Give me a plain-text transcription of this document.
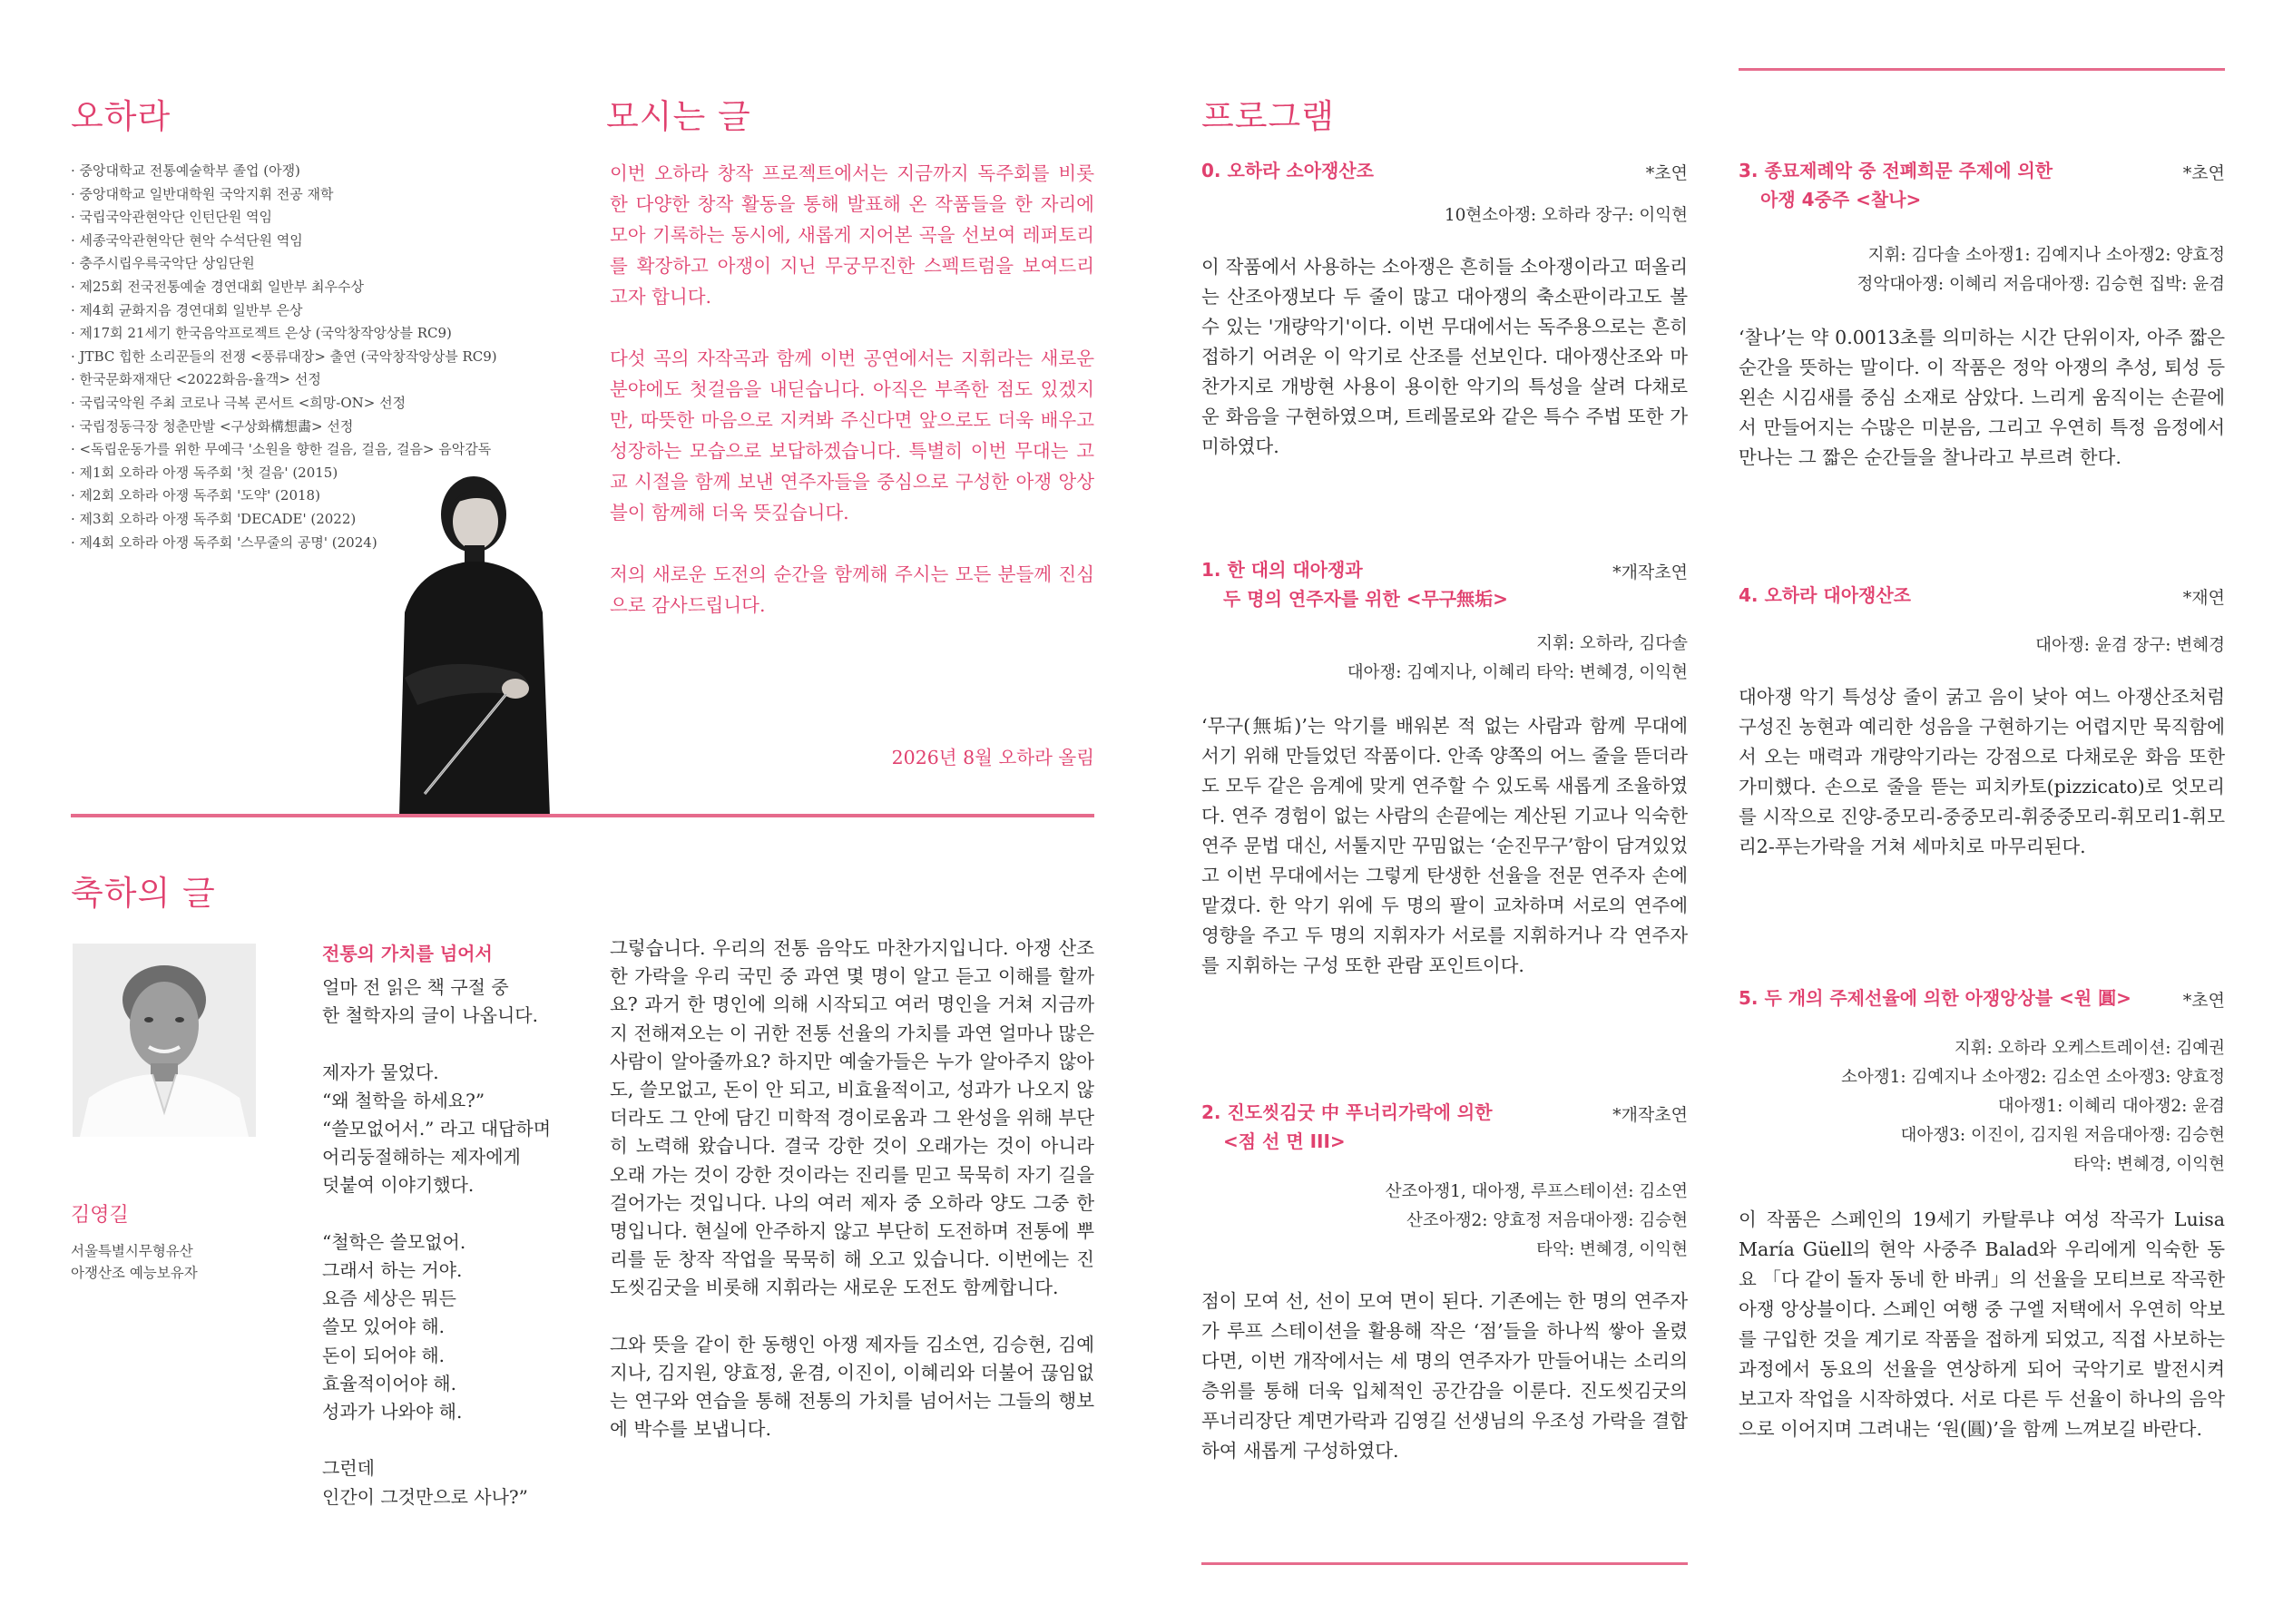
오하라
· 중앙대학교 전통예술학부 졸업 (아쟁)
· 중앙대학교 일반대학원 국악지휘 전공 재학
· 국립국악관현악단 인턴단원 역임
· 세종국악관현악단 현악 수석단원 역임
· 충주시립우륵국악단 상임단원
· 제25회 전국전통예술 경연대회 일반부 최우수상
· 제4회 균화지음 경연대회 일반부 은상
· 제17회 21세기 한국음악프로젝트 은상 (국악창작앙상블 RC9)
· JTBC 힙한 소리꾼들의 전쟁 <풍류대장> 출연 (국악창작앙상블 RC9)
· 한국문화재재단 <2022화음-율객> 선정
· 국립국악원 주최 코로나 극복 콘서트 <희망-ON> 선정
· 국립정동극장 청춘만발 <구상화構想畵> 선정
· <독립운동가를 위한 무예극 '소원을 향한 걸음, 걸음, 걸음> 음악감독
· 제1회 오하라 아쟁 독주회 '첫 걸음' (2015)
· 제2회 오하라 아쟁 독주회 '도약' (2018)
· 제3회 오하라 아쟁 독주회 'DECADE' (2022)
· 제4회 오하라 아쟁 독주회 '스무줄의 공명' (2024)
모시는 글

이번 오하라 창작 프로젝트에서는 지금까지 독주회를 비롯한 다양한 창작 활동을 통해 발표해 온 작품들을 한 자리에 모아 기록하는 동시에, 새롭게 지어본 곡을 선보여 레퍼토리를 확장하고 아쟁이 지닌 무궁무진한 스펙트럼을 보여드리고자 합니다.

다섯 곡의 자작곡과 함께 이번 공연에서는 지휘라는 새로운 분야에도 첫걸음을 내딛습니다. 아직은 부족한 점도 있겠지만, 따뜻한 마음으로 지켜봐 주신다면 앞으로도 더욱 배우고 성장하는 모습으로 보답하겠습니다. 특별히 이번 무대는 고교 시절을 함께 보낸 연주자들을 중심으로 구성한 아쟁 앙상블이 함께해 더욱 뜻깊습니다.

저의 새로운 도전의 순간을 함께해 주시는 모든 분들께 진심으로 감사드립니다.

2026년 8월 오하라 올림
축하의 글
김영길
서울특별시무형유산
아쟁산조 예능보유자
전통의 가치를 넘어서
얼마 전 읽은 책 구절 중
한 철학자의 글이 나옵니다.
제자가 물었다.
“왜 철학을 하세요?”
“쓸모없어서.” 라고 대답하며
어리둥절해하는 제자에게
덧붙여 이야기했다.
“철학은 쓸모없어.
그래서 하는 거야.
요즘 세상은 뭐든
쓸모 있어야 해.
돈이 되어야 해.
효율적이어야 해.
성과가 나와야 해.
그런데
인간이 그것만으로 사나?”

그렇습니다. 우리의 전통 음악도 마찬가지입니다. 아쟁 산조 한 가락을 우리 국민 중 과연 몇 명이 알고 듣고 이해를 할까요? 과거 한 명인에 의해 시작되고 여러 명인을 거쳐 지금까지 전해져오는 이 귀한 전통 선율의 가치를 과연 얼마나 많은 사람이 알아줄까요? 하지만 예술가들은 누가 알아주지 않아도, 쓸모없고, 돈이 안 되고, 비효율적이고, 성과가 나오지 않더라도 그 안에 담긴 미학적 경이로움과 그 완성을 위해 부단히 노력해 왔습니다. 결국 강한 것이 오래가는 것이 아니라 오래 가는 것이 강한 것이라는 진리를 믿고 묵묵히 자기 길을 걸어가는 것입니다. 나의 여러 제자 중 오하라 양도 그중 한 명입니다. 현실에 안주하지 않고 부단히 도전하며 전통에 뿌리를 둔 창작 작업을 묵묵히 해 오고 있습니다. 이번에는 진도씻김굿을 비롯해 지휘라는 새로운 도전도 함께합니다.

그와 뜻을 같이 한 동행인 아쟁 제자들 김소연, 김승현, 김예지나, 김지원, 양효정, 윤겸, 이진이, 이혜리와 더불어 끊임없는 연구와 연습을 통해 전통의 가치를 넘어서는 그들의 행보에 박수를 보냅니다.

프로그램
0. 오하라 소아쟁산조	*초연
10현소아쟁: 오하라 장구: 이익현

이 작품에서 사용하는 소아쟁은 흔히들 소아쟁이라고 떠올리는 산조아쟁보다 두 줄이 많고 대아쟁의 축소판이라고도 볼 수 있는 '개량악기'이다. 이번 무대에서는 독주용으로는 흔히 접하기 어려운 이 악기로 산조를 선보인다. 대아쟁산조와 마찬가지로 개방현 사용이 용이한 악기의 특성을 살려 다채로운 화음을 구현하였으며, 트레몰로와 같은 특수 주법 또한 가미하였다.

1. 한 대의 대아쟁과
두 명의 연주자를 위한 <무구無垢>
*개작초연
지휘: 오하라, 김다솔
대아쟁: 김예지나, 이혜리 타악: 변혜경, 이익현

‘무구(無垢)’는 악기를 배워본 적 없는 사람과 함께 무대에 서기 위해 만들었던 작품이다. 안족 양쪽의 어느 줄을 뜯더라도 모두 같은 음계에 맞게 연주할 수 있도록 새롭게 조율하였다. 연주 경험이 없는 사람의 손끝에는 계산된 기교나 익숙한 연주 문법 대신, 서툴지만 꾸밈없는 ‘순진무구’함이 담겨있었고 이번 무대에서는 그렇게 탄생한 선율을 전문 연주자 손에 맡겼다. 한 악기 위에 두 명의 팔이 교차하며 서로의 연주에 영향을 주고 두 명의 지휘자가 서로를 지휘하거나 각 연주자를 지휘하는 구성 또한 관람 포인트이다.

2. 진도씻김굿 中 푸너리가락에 의한
<점 선 면 III>
*개작초연
산조아쟁1, 대아쟁, 루프스테이션: 김소연
산조아쟁2: 양효정 저음대아쟁: 김승현
타악: 변혜경, 이익현

점이 모여 선, 선이 모여 면이 된다. 기존에는 한 명의 연주자가 루프 스테이션을 활용해 작은 ‘점’들을 하나씩 쌓아 올렸다면, 이번 개작에서는 세 명의 연주자가 만들어내는 소리의 층위를 통해 더욱 입체적인 공간감을 이룬다. 진도씻김굿의 푸너리장단 계면가락과 김영길 선생님의 우조성 가락을 결합하여 새롭게 구성하였다.

3. 종묘제례악 중 전폐희문 주제에 의한
아쟁 4중주 <찰나>
*초연
지휘: 김다솔 소아쟁1: 김예지나 소아쟁2: 양효정
정악대아쟁: 이혜리 저음대아쟁: 김승현 집박: 윤겸

‘찰나’는 약 0.0013초를 의미하는 시간 단위이자, 아주 짧은 순간을 뜻하는 말이다. 이 작품은 정악 아쟁의 추성, 퇴성 등 왼손 시김새를 중심 소재로 삼았다. 느리게 움직이는 손끝에서 만들어지는 수많은 미분음, 그리고 우연히 특정 음정에서 만나는 그 짧은 순간들을 찰나라고 부르려 한다.

4. 오하라 대아쟁산조	*재연
대아쟁: 윤겸 장구: 변혜경

대아쟁 악기 특성상 줄이 굵고 음이 낮아 여느 아쟁산조처럼 구성진 농현과 예리한 성음을 구현하기는 어렵지만 묵직함에서 오는 매력과 개량악기라는 강점으로 다채로운 화음 또한 가미했다. 손으로 줄을 뜯는 피치카토(pizzicato)로 엇모리를 시작으로 진양-중모리-중중모리-휘중중모리-휘모리1-휘모리2-푸는가락을 거쳐 세마치로 마무리된다.

5. 두 개의 주제선율에 의한 아쟁앙상블 <원 圓>	*초연
지휘: 오하라 오케스트레이션: 김예권
소아쟁1: 김예지나 소아쟁2: 김소연 소아쟁3: 양효정
대아쟁1: 이혜리 대아쟁2: 윤겸
대아쟁3: 이진이, 김지원 저음대아쟁: 김승현
타악: 변혜경, 이익현

이 작품은 스페인의 19세기 카탈루냐 여성 작곡가 Luisa María Güell의 현악 사중주 Balad와 우리에게 익숙한 동요 「다 같이 돌자 동네 한 바퀴」의 선율을 모티브로 작곡한 아쟁 앙상블이다. 스페인 여행 중 구엘 저택에서 우연히 악보를 구입한 것을 계기로 작품을 접하게 되었고, 직접 사보하는 과정에서 동요의 선율을 연상하게 되어 국악기로 발전시켜 보고자 작업을 시작하였다. 서로 다른 두 선율이 하나의 음악으로 이어지며 그려내는 ‘원(圓)’을 함께 느껴보길 바란다.
